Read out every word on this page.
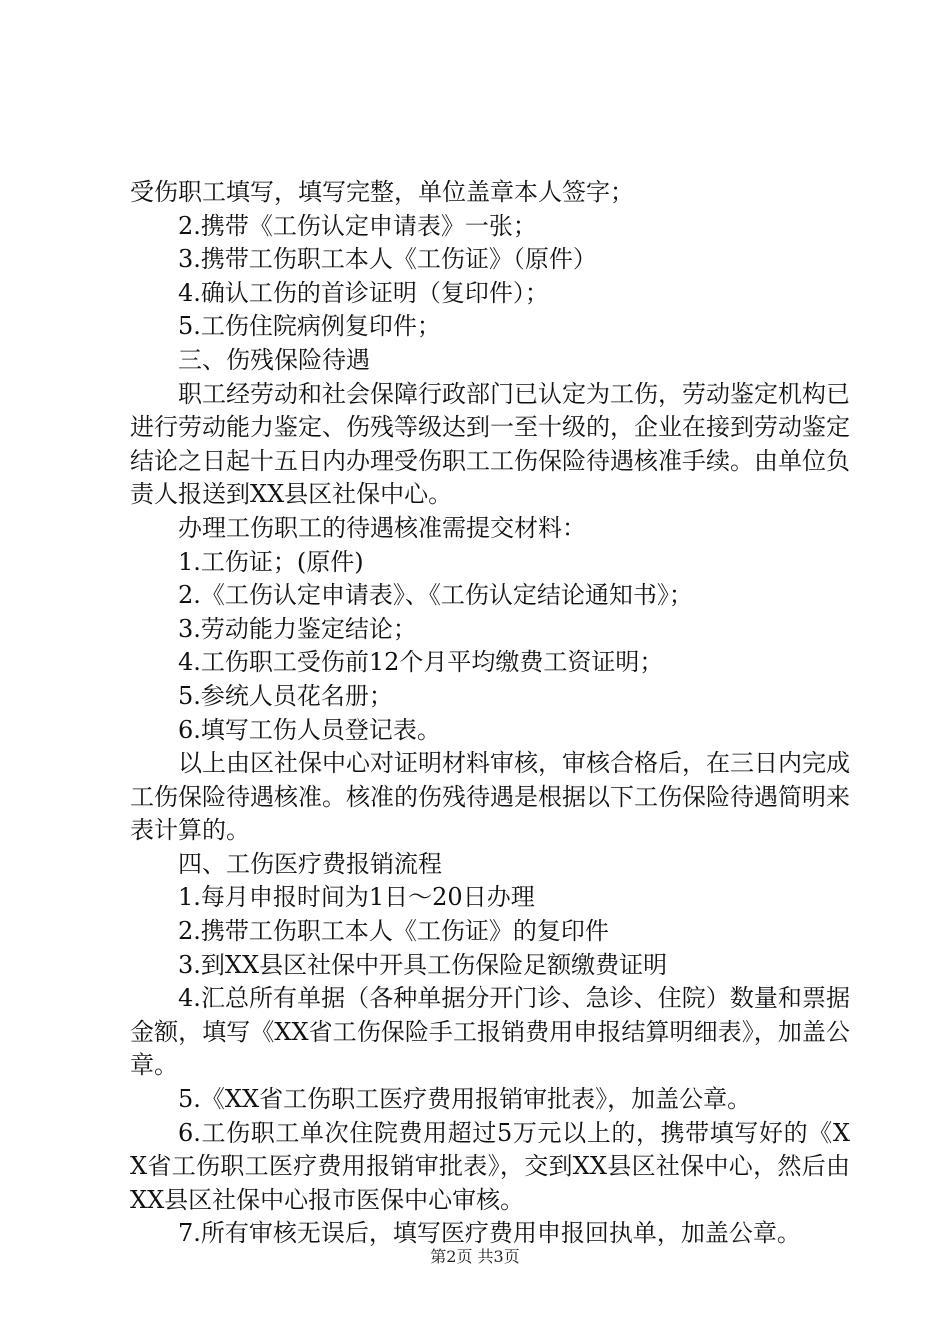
受伤职工填写，填写完整，单位盖章本人签字；

2.携带《工伤认定申请表》一张；

3.携带工伤职工本人《工伤证》（原件）

4.确认工伤的首诊证明（复印件）；

5.工伤住院病例复印件；

三、伤残保险待遇

职工经劳动和社会保障行政部门已认定为工伤，劳动鉴定机构已进行劳动能力鉴定、伤残等级达到一至十级的，企业在接到劳动鉴定结论之日起十五日内办理受伤职工工伤保险待遇核准手续。由单位负责人报送到XX县区社保中心。

办理工伤职工的待遇核准需提交材料：

1.工伤证；(原件)

2.《工伤认定申请表》、《工伤认定结论通知书》；

3.劳动能力鉴定结论；

4.工伤职工受伤前12个月平均缴费工资证明；

5.参统人员花名册；

6.填写工伤人员登记表。

以上由区社保中心对证明材料审核，审核合格后，在三日内完成工伤保险待遇核准。核准的伤残待遇是根据以下工伤保险待遇简明来表计算的。

四、工伤医疗费报销流程

1.每月申报时间为1日～20日办理

2.携带工伤职工本人《工伤证》的复印件

3.到XX县区社保中开具工伤保险足额缴费证明

4.汇总所有单据（各种单据分开门诊、急诊、住院）数量和票据金额，填写《XX省工伤保险手工报销费用申报结算明细表》，加盖公章。

5.《XX省工伤职工医疗费用报销审批表》，加盖公章。

6.工伤职工单次住院费用超过5万元以上的，携带填写好的《XX省工伤职工医疗费用报销审批表》，交到XX县区社保中心，然后由XX县区社保中心报市医保中心审核。

7.所有审核无误后，填写医疗费用申报回执单，加盖公章。

第2页 共3页
